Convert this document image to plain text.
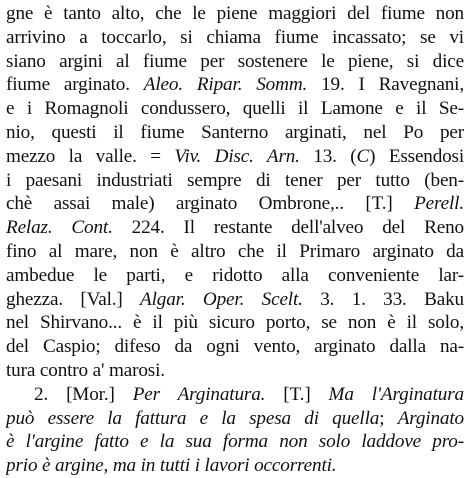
gne è tanto alto, che le piene maggiori del fiume non
arrivino a toccarlo, si chiama fiume incassato; se vi
siano argini al fiume per sostenere le piene, si dice
fiume arginato. Aleo. Ripar. Somm. 19. I Ravegnani,
e i Romagnoli condussero, quelli il Lamone e il Se-
nio, questi il fiume Santerno arginati, nel Po per
mezzo la valle. = Viv. Disc. Arn. 13. (C) Essendosi
i paesani industriati sempre di tener per tutto (ben-
chè assai male) arginato Ombrone,.. [T.] Perell.
Relaz. Cont. 224. Il restante dell'alveo del Reno
fino al mare, non è altro che il Primaro arginato da
ambedue le parti, e ridotto alla conveniente lar-
ghezza. [Val.] Algar. Oper. Scelt. 3. 1. 33. Baku
nel Shirvano... è il più sicuro porto, se non è il solo,
del Caspio; difeso da ogni vento, arginato dalla na-
tura contro a' marosi.
2. [Mor.] Per Arginatura. [T.] Ma l'Arginatura
può essere la fattura e la spesa di quella; Arginato
è l'argine fatto e la sua forma non solo laddove pro-
prio è argine, ma in tutti i lavori occorrenti.
